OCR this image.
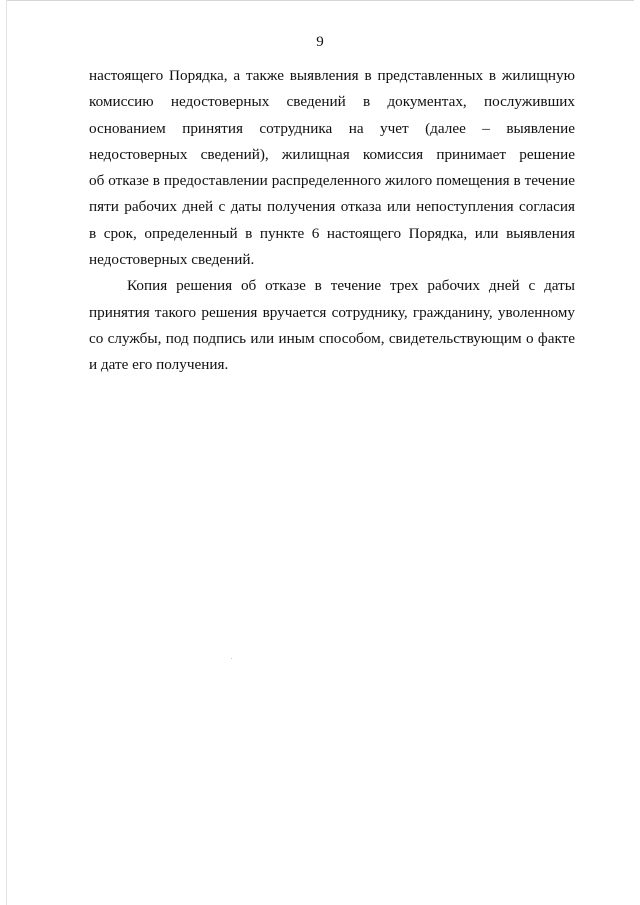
9
настоящего Порядка, а также выявления в представленных в жилищную
комиссию недостоверных сведений в документах, послуживших
основанием принятия сотрудника на учет (далее – выявление
недостоверных сведений), жилищная комиссия принимает решение
об отказе в предоставлении распределенного жилого помещения в течение
пяти рабочих дней с даты получения отказа или непоступления согласия
в срок, определенный в пункте 6 настоящего Порядка, или выявления
недостоверных сведений.
Копия решения об отказе в течение трех рабочих дней с даты
принятия такого решения вручается сотруднику, гражданину, уволенному
со службы, под подпись или иным способом, свидетельствующим о факте
и дате его получения.
